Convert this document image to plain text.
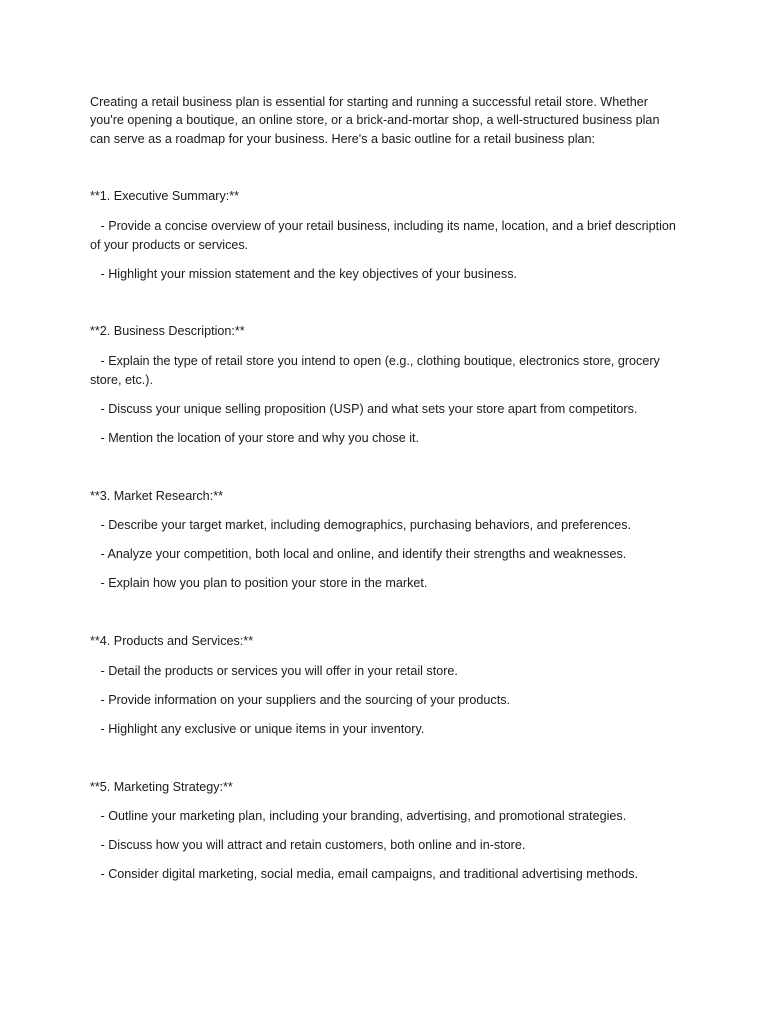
Creating a retail business plan is essential for starting and running a successful retail store. Whether
you're opening a boutique, an online store, or a brick-and-mortar shop, a well-structured business plan
can serve as a roadmap for your business. Here's a basic outline for a retail business plan:
**1. Executive Summary:**
- Provide a concise overview of your retail business, including its name, location, and a brief description
of your products or services.
- Highlight your mission statement and the key objectives of your business.
**2. Business Description:**
- Explain the type of retail store you intend to open (e.g., clothing boutique, electronics store, grocery
store, etc.).
- Discuss your unique selling proposition (USP) and what sets your store apart from competitors.
- Mention the location of your store and why you chose it.
**3. Market Research:**
- Describe your target market, including demographics, purchasing behaviors, and preferences.
- Analyze your competition, both local and online, and identify their strengths and weaknesses.
- Explain how you plan to position your store in the market.
**4. Products and Services:**
- Detail the products or services you will offer in your retail store.
- Provide information on your suppliers and the sourcing of your products.
- Highlight any exclusive or unique items in your inventory.
**5. Marketing Strategy:**
- Outline your marketing plan, including your branding, advertising, and promotional strategies.
- Discuss how you will attract and retain customers, both online and in-store.
- Consider digital marketing, social media, email campaigns, and traditional advertising methods.
